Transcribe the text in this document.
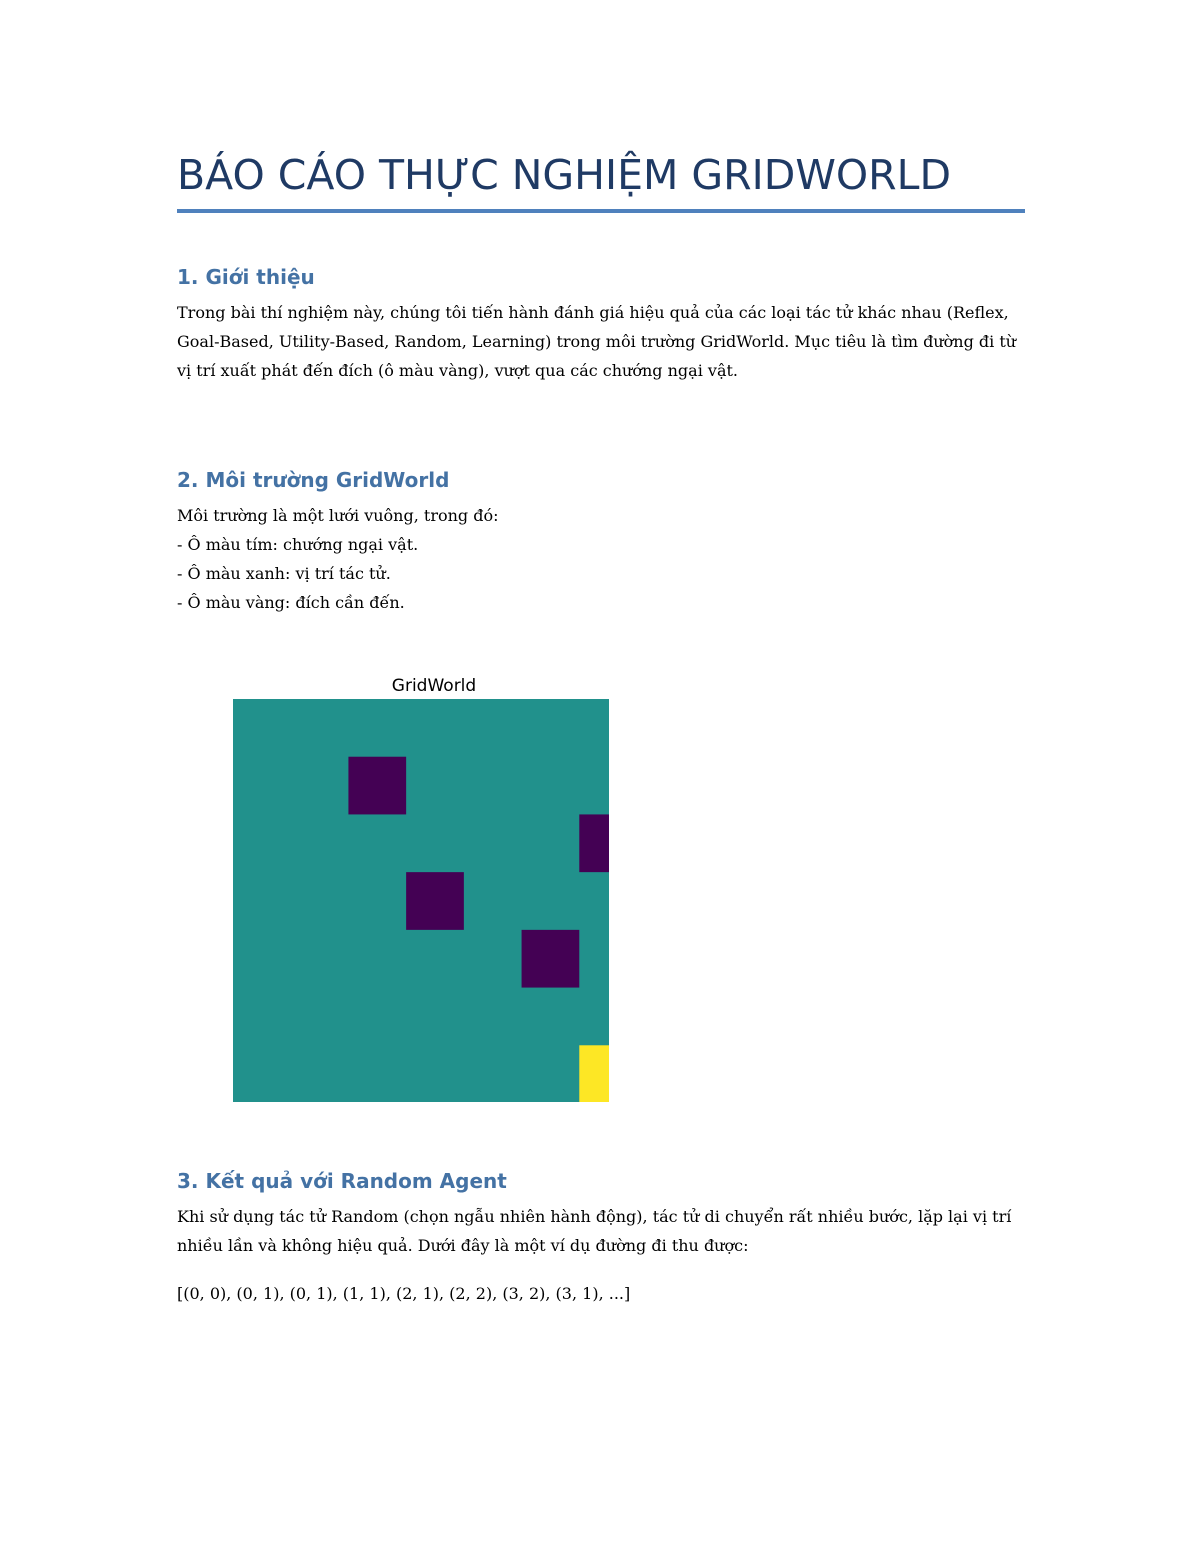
BÁO CÁO THỰC NGHIỆM GRIDWORLD
1. Giới thiệu

Trong bài thí nghiệm này, chúng tôi tiến hành đánh giá hiệu quả của các loại tác tử khác nhau (Reflex, Goal-Based, Utility-Based, Random, Learning) trong môi trường GridWorld. Mục tiêu là tìm đường đi từ vị trí xuất phát đến đích (ô màu vàng), vượt qua các chướng ngại vật.

2. Môi trường GridWorld

Môi trường là một lưới vuông, trong đó:

- Ô màu tím: chướng ngại vật.
- Ô màu xanh: vị trí tác tử.
- Ô màu vàng: đích cần đến.
GridWorld
3. Kết quả với Random Agent

Khi sử dụng tác tử Random (chọn ngẫu nhiên hành động), tác tử di chuyển rất nhiều bước, lặp lại vị trí nhiều lần và không hiệu quả. Dưới đây là một ví dụ đường đi thu được:

[(0, 0), (0, 1), (0, 1), (1, 1), (2, 1), (2, 2), (3, 2), (3, 1), ...]
